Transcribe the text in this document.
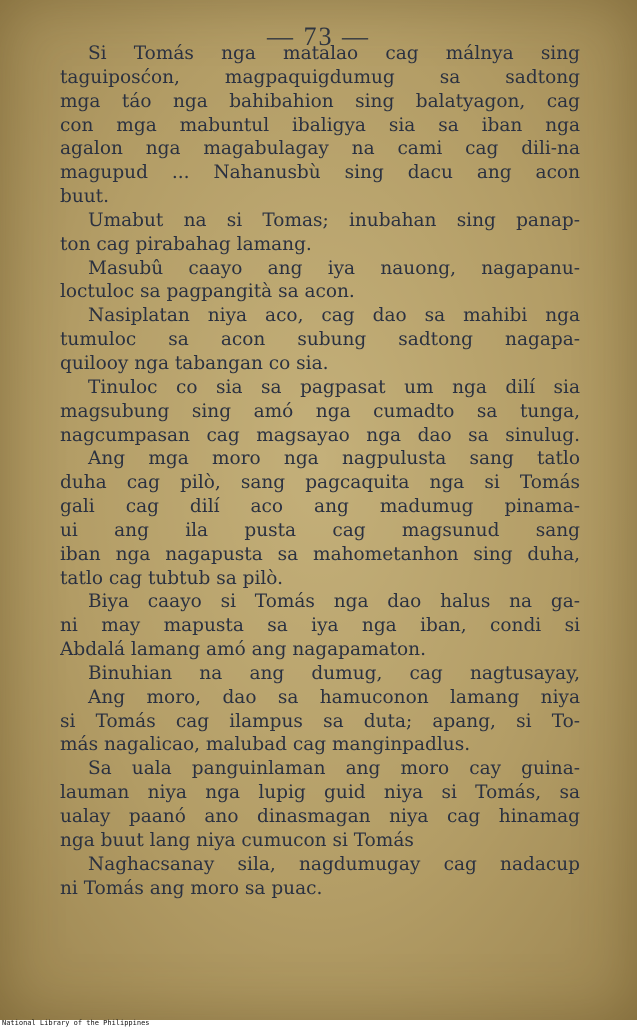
— 73 —
Si Tomás nga matalao cag málnya sing
taguiposćon, magpaquigdumug sa sadtong
mga táo nga bahibahion sing balatyagon, cag
con mga mabuntul ibaligya sia sa iban nga
agalon nga magabulagay na cami cag dili-na
magupud ... Nahanusbù sing dacu ang acon
buut.
Umabut na si Tomas; inubahan sing panap-
ton cag pirabahag lamang.
Masubû caayo ang iya nauong, nagapanu-
loctuloc sa pagpangità sa acon.
Nasiplatan niya aco, cag dao sa mahibi nga
tumuloc sa acon subung sadtong nagapa-
quilooy nga tabangan co sia.
Tinuloc co sia sa pagpasat um nga dilí sia
magsubung sing amó nga cumadto sa tunga,
nagcumpasan cag magsayao nga dao sa sinulug.
Ang mga moro nga nagpulusta sang tatlo
duha cag pilò, sang pagcaquita nga si Tomás
gali cag dilí aco ang madumug pinama-
ui ang ila pusta cag magsunud sang
iban nga nagapusta sa mahometanhon sing duha,
tatlo cag tubtub sa pilò.
Biya caayo si Tomás nga dao halus na ga-
ni may mapusta sa iya nga iban, condi si
Abdalá lamang amó ang nagapamaton.
Binuhian na ang dumug, cag nagtusayay,
Ang moro, dao sa hamuconon lamang niya
si Tomás cag ilampus sa duta; apang, si To-
más nagalicao, malubad cag manginpadlus.
Sa uala panguinlaman ang moro cay guina-
lauman niya nga lupig guid niya si Tomás, sa
ualay paanó ano dinasmagan niya cag hinamag
nga buut lang niya cumucon si Tomás
Naghacsanay sila, nagdumugay cag nadacup
ni Tomás ang moro sa puac.
National Library of the Philippines
